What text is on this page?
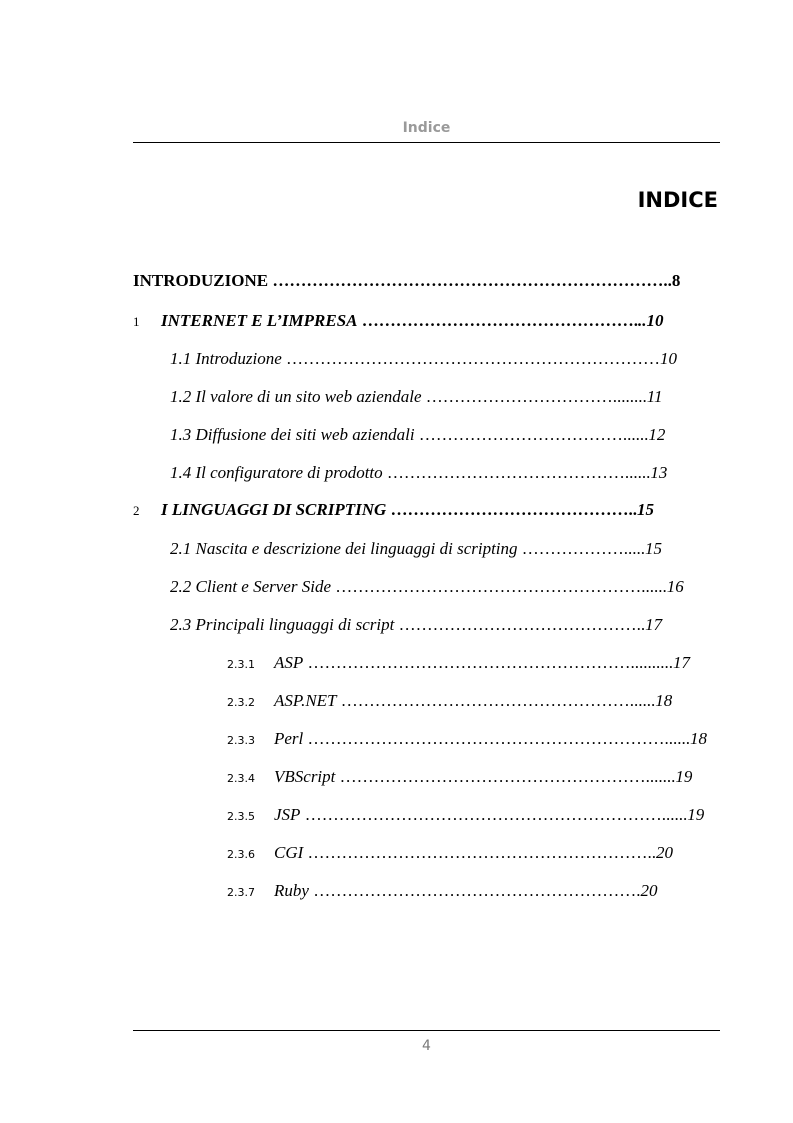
Indice
INDICE
INTRODUZIONE ……………………………………………………………..8
1 INTERNET E L’IMPRESA …………………………………………...10
1.1 Introduzione …………………………………………………………10
1.2 Il valore di un sito web aziendale ……………………………........11
1.3 Diffusione dei siti web aziendali ………………………………......12
1.4 Il configuratore di prodotto ……………………………………......13
2 I LINGUAGGI DI SCRIPTING ……………………………………..15
2.1 Nascita e descrizione dei linguaggi di scripting ……………….....15
2.2 Client e Server Side ………………………………………………......16
2.3 Principali linguaggi di script ……………………………………..17
2.3.1 ASP …………………………………………………..........17
2.3.2 ASP.NET ……………………………………………......18
2.3.3 Perl ………………………………………………………......18
2.3.4 VBScript ……………………………………………….......19
2.3.5 JSP ………………………………………………………......19
2.3.6 CGI ……………………………………………………..20
2.3.7 Ruby ………………………………………………….20
4
